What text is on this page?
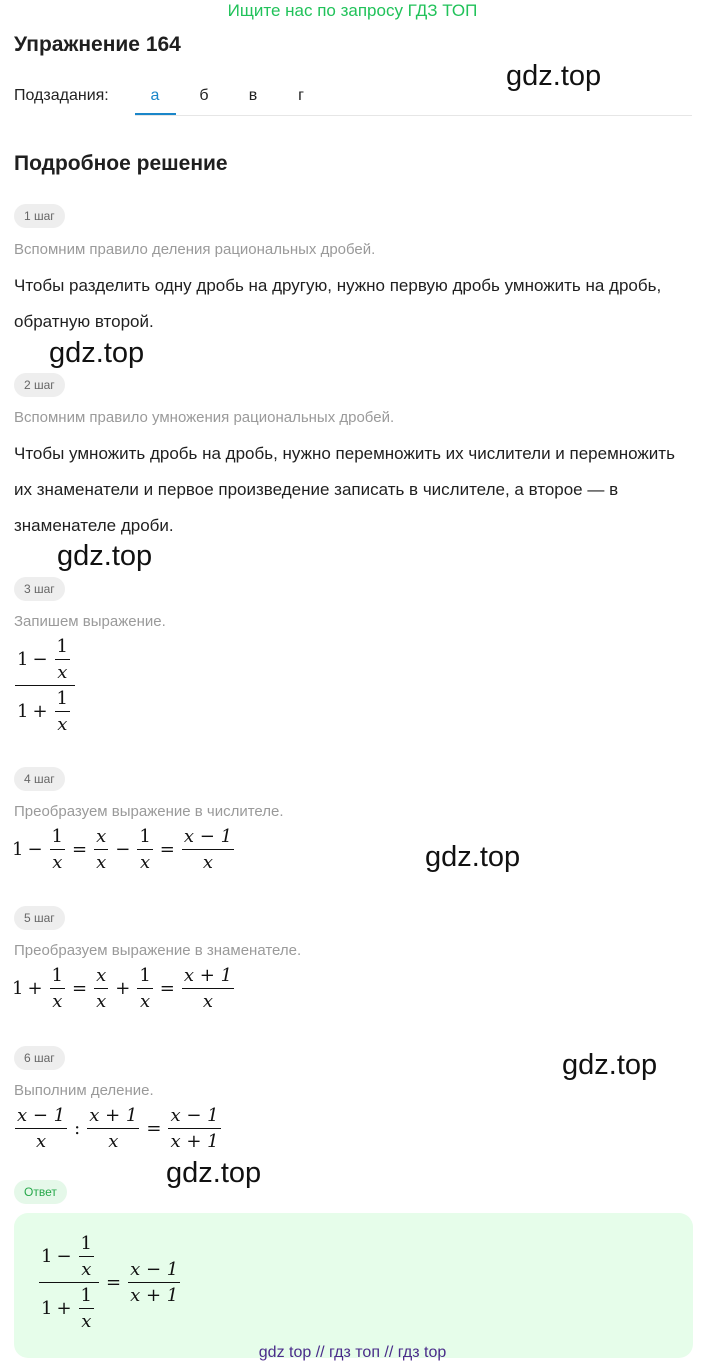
Ищите нас по запросу ГДЗ ТОП
Упражнение 164
gdz.top
Подзадания:	а	б	в	г
Подробное решение
1 шаг
Вспомним правило деления рациональных дробей.
Чтобы разделить одну дробь на другую, нужно первую дробь умножить на дробь, обратную второй.
gdz.top
2 шаг
Вспомним правило умножения рациональных дробей.
Чтобы умножить дробь на дробь, нужно перемножить их числители и перемножить их знаменатели и первое произведение записать в числителе, а второе — в знаменателе дроби.
gdz.top
3 шаг
Запишем выражение.
$\frac{1 - \frac{1}{x}}{1 + \frac{1}{x}}$
4 шаг
Преобразуем выражение в числителе.
$1 - \frac{1}{x} = \frac{x}{x} - \frac{1}{x} = \frac{x - 1}{x}$	gdz.top
5 шаг
Преобразуем выражение в знаменателе.
$1 + \frac{1}{x} = \frac{x}{x} + \frac{1}{x} = \frac{x + 1}{x}$
gdz.top
6 шаг
Выполним деление.
$\frac{x - 1}{x}$ : $\frac{x + 1}{x} = \frac{x - 1}{x + 1}$
gdz.top
Ответ
$\frac{1 - \frac{1}{x}}{1 + \frac{1}{x}} = \frac{x - 1}{x + 1}$
gdz top // гдз топ // гдз top
